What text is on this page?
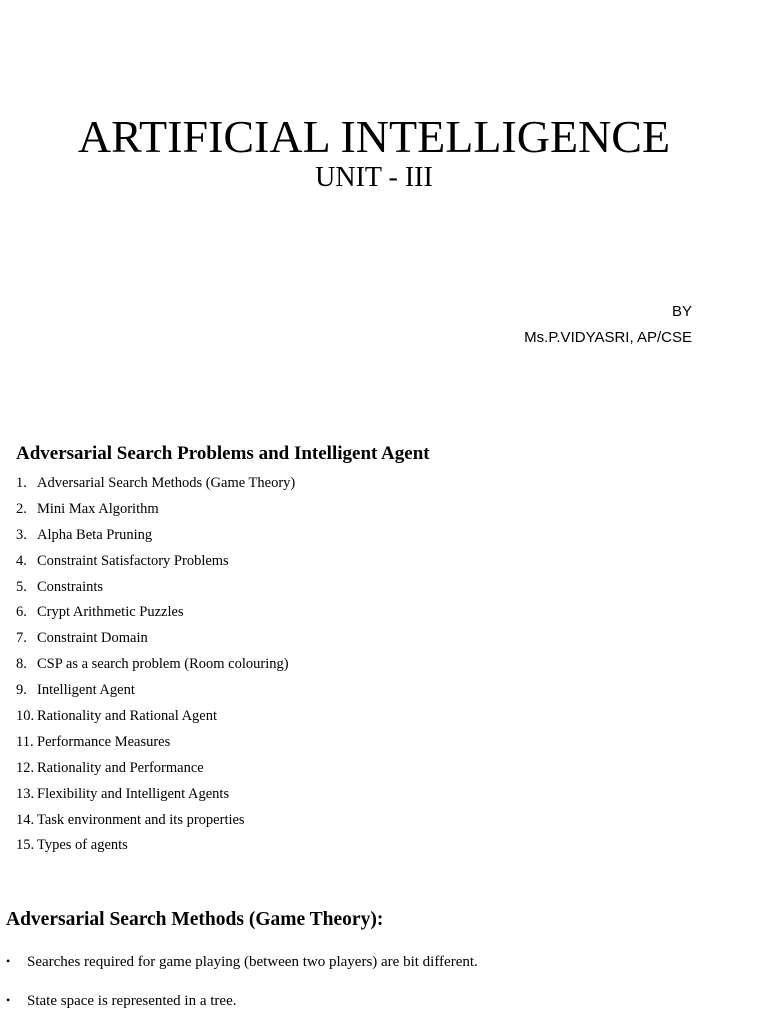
ARTIFICIAL INTELLIGENCE
UNIT - III
BY
Ms.P.VIDYASRI, AP/CSE
Adversarial Search Problems and Intelligent Agent
1. Adversarial Search Methods (Game Theory)
2. Mini Max Algorithm
3. Alpha Beta Pruning
4. Constraint Satisfactory Problems
5. Constraints
6. Crypt Arithmetic Puzzles
7. Constraint Domain
8. CSP as a search problem (Room colouring)
9. Intelligent Agent
10. Rationality and Rational Agent
11. Performance Measures
12. Rationality and Performance
13. Flexibility and Intelligent Agents
14. Task environment and its properties
15. Types of agents
Adversarial Search Methods (Game Theory):
• Searches required for game playing (between two players) are bit different.
• State space is represented in a tree.
